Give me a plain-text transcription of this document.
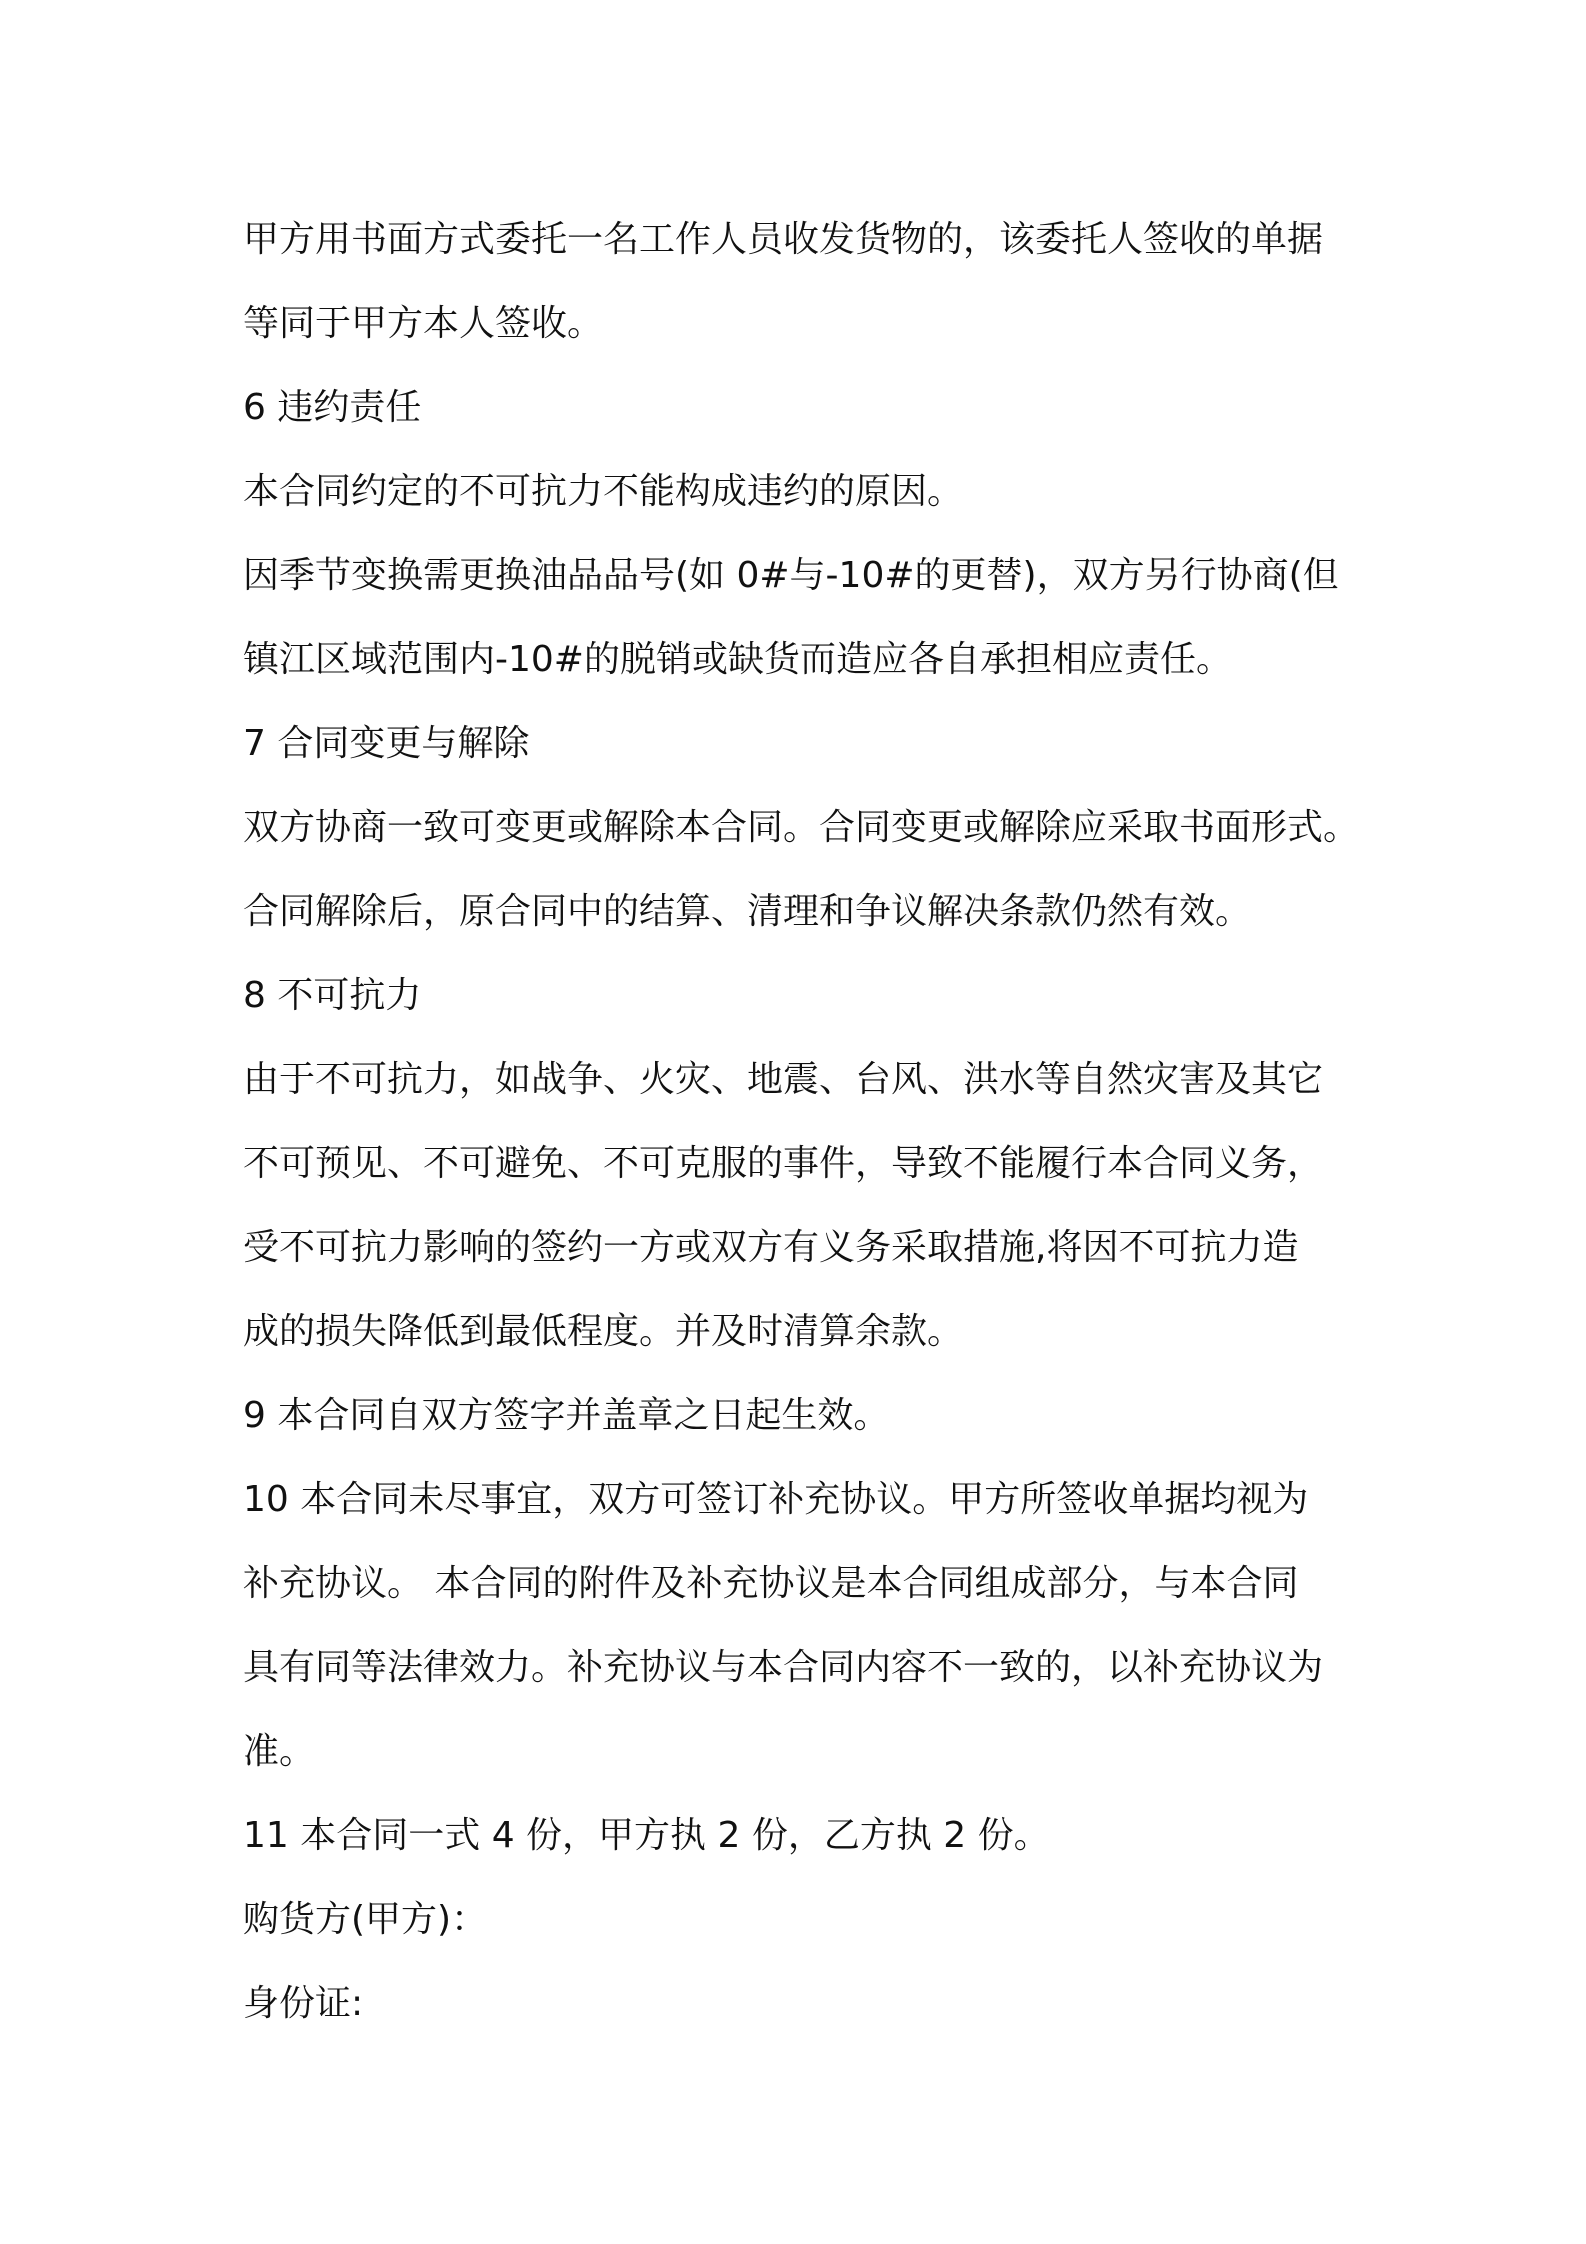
甲方用书面方式委托一名工作人员收发货物的，该委托人签收的单据
等同于甲方本人签收。
6 违约责任
本合同约定的不可抗力不能构成违约的原因。
因季节变换需更换油品品号(如 0#与-10#的更替)，双方另行协商(但
镇江区域范围内-10#的脱销或缺货而造应各自承担相应责任。
7 合同变更与解除
双方协商一致可变更或解除本合同。合同变更或解除应采取书面形式。
合同解除后，原合同中的结算、清理和争议解决条款仍然有效。
8 不可抗力
由于不可抗力，如战争、火灾、地震、台风、洪水等自然灾害及其它
不可预见、不可避免、不可克服的事件，导致不能履行本合同义务，
受不可抗力影响的签约一方或双方有义务采取措施,将因不可抗力造
成的损失降低到最低程度。并及时清算余款。
9 本合同自双方签字并盖章之日起生效。
10 本合同未尽事宜，双方可签订补充协议。甲方所签收单据均视为
补充协议。 本合同的附件及补充协议是本合同组成部分，与本合同
具有同等法律效力。补充协议与本合同内容不一致的，以补充协议为
准。
11 本合同一式 4 份，甲方执 2 份，乙方执 2 份。
购货方(甲方)：
身份证:
